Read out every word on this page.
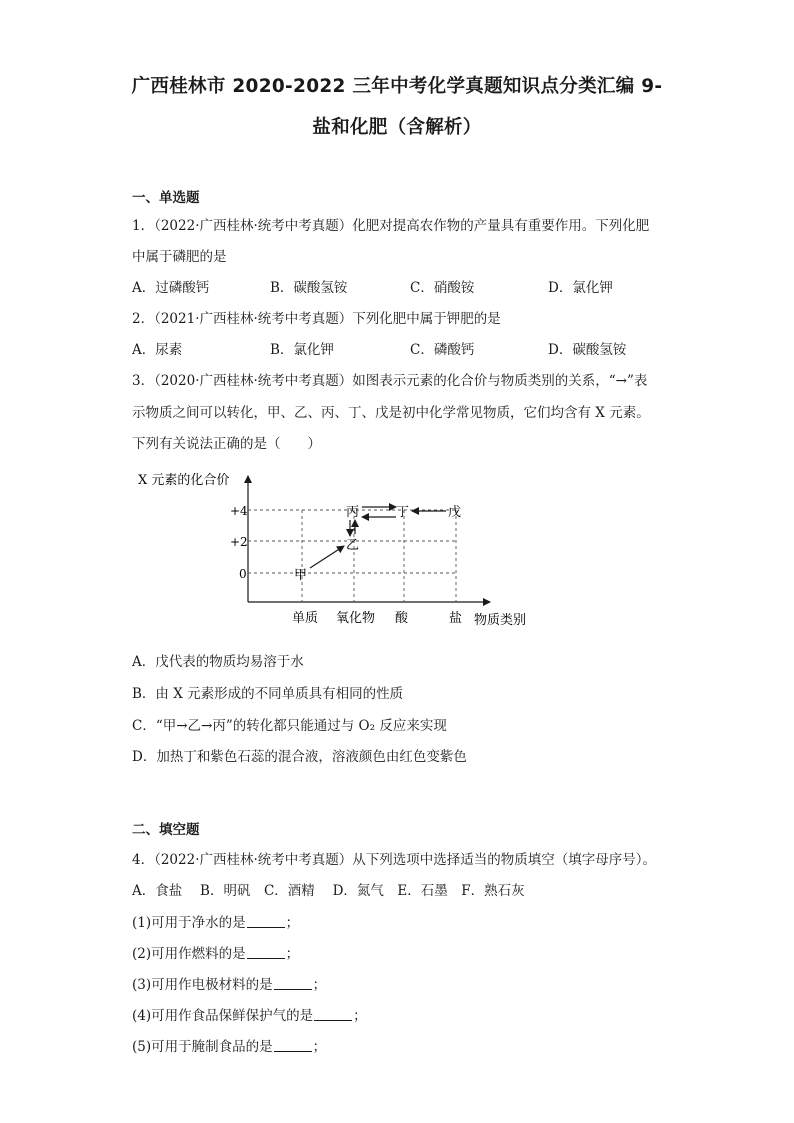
广西桂林市 2020-2022 三年中考化学真题知识点分类汇编 9-
盐和化肥（含解析）
一、单选题
1．（2022·广西桂林·统考中考真题）化肥对提高农作物的产量具有重要作用。下列化肥
中属于磷肥的是
A．过磷酸钙	B．碳酸氢铵	C．硝酸铵	D．氯化钾
2．（2021·广西桂林·统考中考真题）下列化肥中属于钾肥的是
A．尿素	B．氯化钾	C．磷酸钙	D．碳酸氢铵
3．（2020·广西桂林·统考中考真题）如图表示元素的化合价与物质类别的关系，“→”表
示物质之间可以转化，甲、乙、丙、丁、戊是初中化学常见物质，它们均含有 X 元素。
下列有关说法正确的是（　　）
X 元素的化合价
+4
+2
0
单质 氧化物 酸	盐 物质类别
甲
乙
丙	丁	戊
A．戊代表的物质均易溶于水
B．由 X 元素形成的不同单质具有相同的性质
C．“甲→乙→丙”的转化都只能通过与 O₂ 反应来实现
D．加热丁和紫色石蕊的混合液，溶液颜色由红色变紫色
二、填空题
4．（2022·广西桂林·统考中考真题）从下列选项中选择适当的物质填空（填字母序号）。
A．食盐　 B．明矾　C．酒精　 D．氮气　E．石墨　F．熟石灰
(1)可用于净水的是	；
(2)可用作燃料的是	；
(3)可用作电极材料的是	；
(4)可用作食品保鲜保护气的是	；
(5)可用于腌制食品的是	；
